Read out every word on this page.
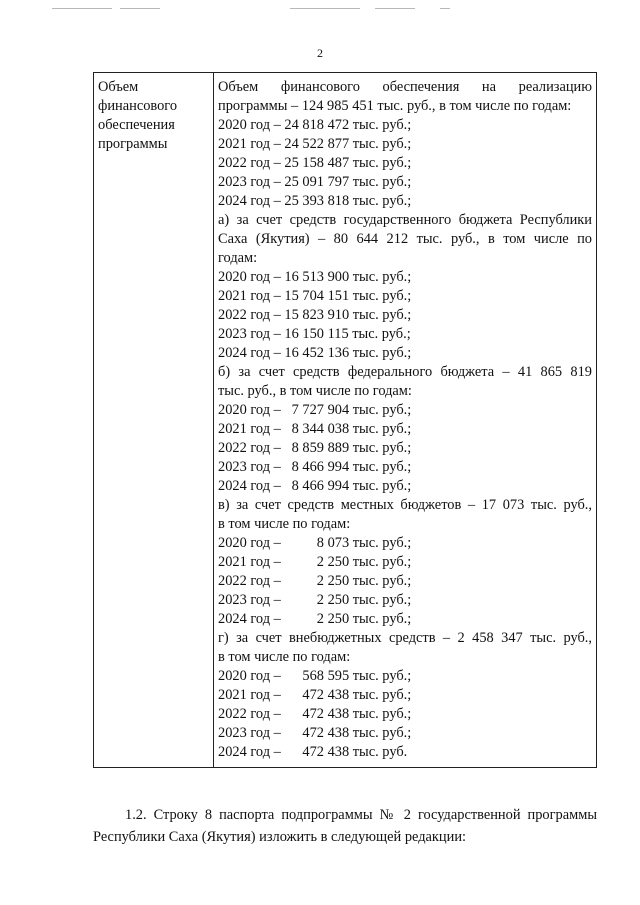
2
Объем
финансового
обеспечения
программы

Объем финансового обеспечения на реализацию
программы – 124 985 451 тыс. руб., в том числе по годам:
2020 год – 24 818 472 тыс. руб.;
2021 год – 24 522 877 тыс. руб.;
2022 год – 25 158 487 тыс. руб.;
2023 год – 25 091 797 тыс. руб.;
2024 год – 25 393 818 тыс. руб.;
а) за счет средств государственного бюджета Республики
Саха (Якутия) – 80 644 212 тыс. руб., в том числе по
годам:
2020 год – 16 513 900 тыс. руб.;
2021 год – 15 704 151 тыс. руб.;
2022 год – 15 823 910 тыс. руб.;
2023 год – 16 150 115 тыс. руб.;
2024 год – 16 452 136 тыс. руб.;
б) за счет средств федерального бюджета – 41 865 819
тыс. руб., в том числе по годам:
2020 год –   7 727 904 тыс. руб.;
2021 год –   8 344 038 тыс. руб.;
2022 год –   8 859 889 тыс. руб.;
2023 год –   8 466 994 тыс. руб.;
2024 год –   8 466 994 тыс. руб.;
в) за счет средств местных бюджетов – 17 073 тыс. руб.,
в том числе по годам:
2020 год –          8 073 тыс. руб.;
2021 год –          2 250 тыс. руб.;
2022 год –          2 250 тыс. руб.;
2023 год –          2 250 тыс. руб.;
2024 год –          2 250 тыс. руб.;
г) за счет внебюджетных средств – 2 458 347 тыс. руб.,
в том числе по годам:
2020 год –      568 595 тыс. руб.;
2021 год –      472 438 тыс. руб.;
2022 год –      472 438 тыс. руб.;
2023 год –      472 438 тыс. руб.;
2024 год –      472 438 тыс. руб.
1.2. Строку 8 паспорта подпрограммы № 2 государственной программы
Республики Саха (Якутия) изложить в следующей редакции:
